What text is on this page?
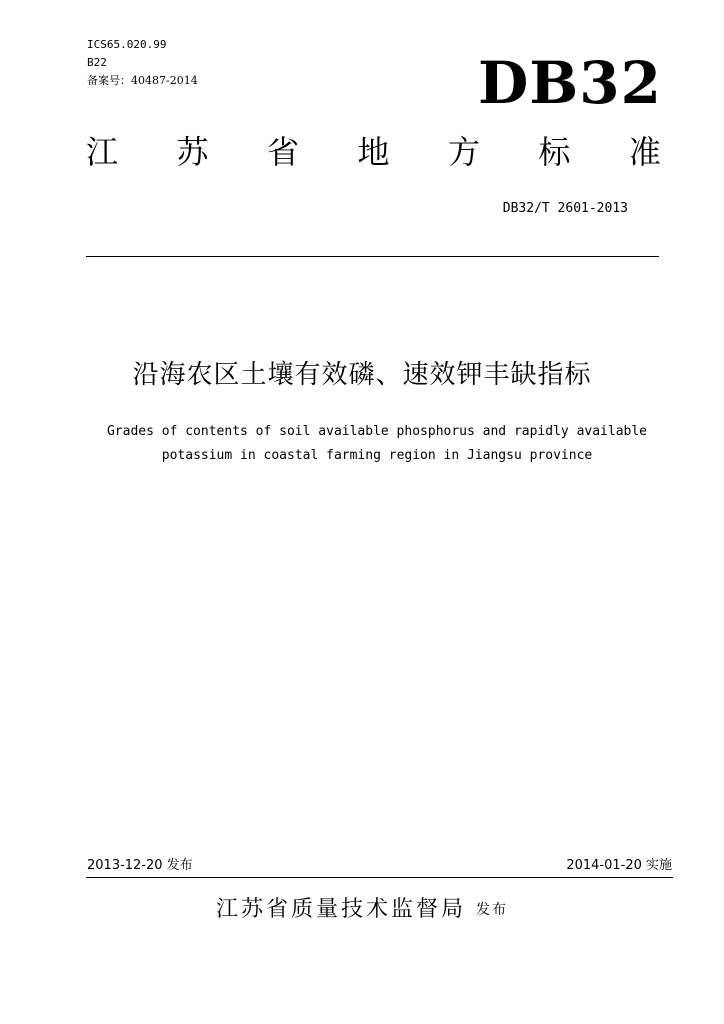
ICS65.020.99
B22
备案号：40487-2014	DB32
江 苏 省 地 方 标 准
DB32/T 2601-2013
沿海农区土壤有效磷、速效钾丰缺指标
Grades of contents of soil available phosphorus and rapidly available
potassium in coastal farming region in Jiangsu province
2013-12-20 发布	2014-01-20 实施
江苏省质量技术监督局 发布
